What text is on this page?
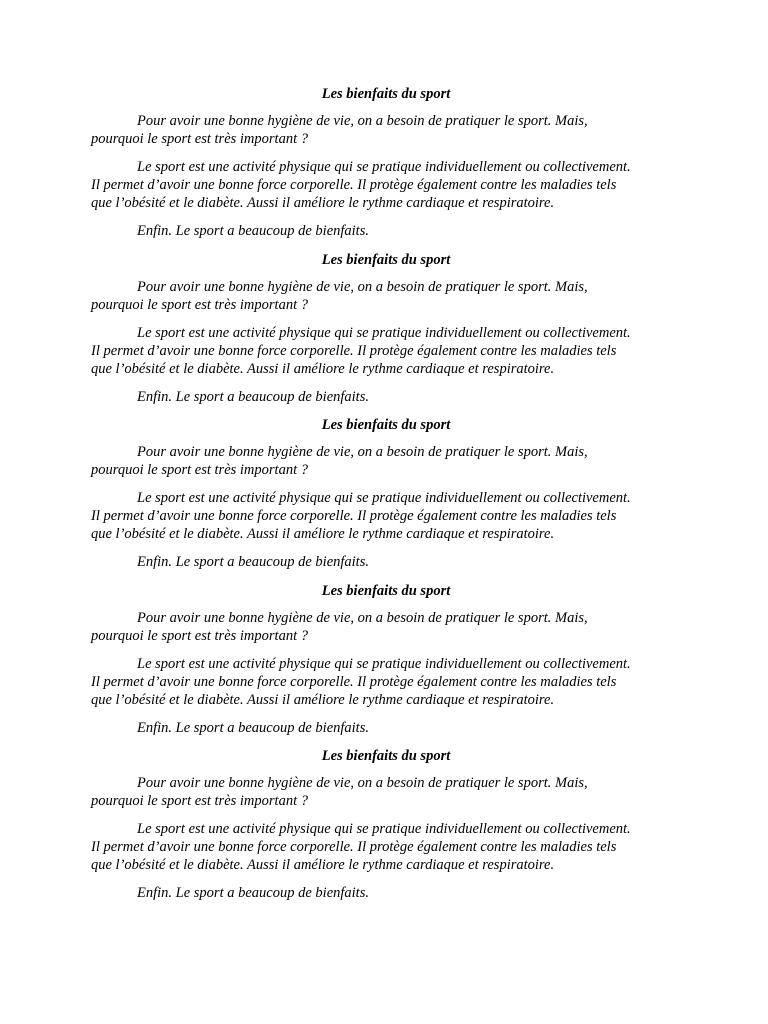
Les bienfaits du sport

Pour avoir une bonne hygiène de vie, on a besoin de pratiquer le sport. Mais,
pourquoi le sport est très important ?

Le sport est une activité physique qui se pratique individuellement ou collectivement.
Il permet d’avoir une bonne force corporelle. Il protège également contre les maladies tels
que l’obésité et le diabète. Aussi il améliore le rythme cardiaque et respiratoire.

Enfin. Le sport a beaucoup de bienfaits.

Les bienfaits du sport

Pour avoir une bonne hygiène de vie, on a besoin de pratiquer le sport. Mais,
pourquoi le sport est très important ?

Le sport est une activité physique qui se pratique individuellement ou collectivement.
Il permet d’avoir une bonne force corporelle. Il protège également contre les maladies tels
que l’obésité et le diabète. Aussi il améliore le rythme cardiaque et respiratoire.

Enfin. Le sport a beaucoup de bienfaits.

Les bienfaits du sport

Pour avoir une bonne hygiène de vie, on a besoin de pratiquer le sport. Mais,
pourquoi le sport est très important ?

Le sport est une activité physique qui se pratique individuellement ou collectivement.
Il permet d’avoir une bonne force corporelle. Il protège également contre les maladies tels
que l’obésité et le diabète. Aussi il améliore le rythme cardiaque et respiratoire.

Enfin. Le sport a beaucoup de bienfaits.

Les bienfaits du sport

Pour avoir une bonne hygiène de vie, on a besoin de pratiquer le sport. Mais,
pourquoi le sport est très important ?

Le sport est une activité physique qui se pratique individuellement ou collectivement.
Il permet d’avoir une bonne force corporelle. Il protège également contre les maladies tels
que l’obésité et le diabète. Aussi il améliore le rythme cardiaque et respiratoire.

Enfin. Le sport a beaucoup de bienfaits.

Les bienfaits du sport

Pour avoir une bonne hygiène de vie, on a besoin de pratiquer le sport. Mais,
pourquoi le sport est très important ?

Le sport est une activité physique qui se pratique individuellement ou collectivement.
Il permet d’avoir une bonne force corporelle. Il protège également contre les maladies tels
que l’obésité et le diabète. Aussi il améliore le rythme cardiaque et respiratoire.

Enfin. Le sport a beaucoup de bienfaits.
